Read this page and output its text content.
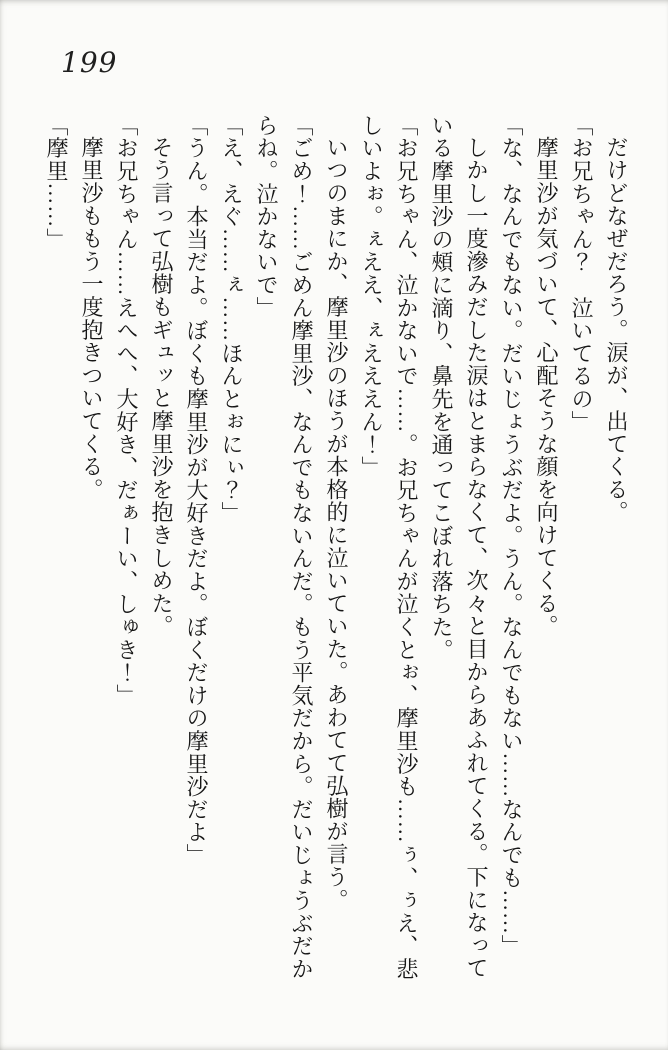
199

だけどなぜだろう。涙が、出てくる。

「お兄ちゃん？　泣いてるの」

摩里沙が気づいて、心配そうな顔を向けてくる。

「な、なんでもない。だいじょうぶだよ。うん。なんでもない……なんでも……」

しかし一度滲みだした涙はとまらなくて、次々と目からあふれてくる。下になっている摩里沙の頰に滴り、鼻先を通ってこぼれ落ちた。

「お兄ちゃん、泣かないで……。お兄ちゃんが泣くとぉ、摩里沙も……ぅ、ぅえ、悲しいよぉ。ぇええ、ぇえええん！」

いつのまにか、摩里沙のほうが本格的に泣いていた。あわてて弘樹が言う。

「ごめ！……ごめん摩里沙、なんでもないんだ。もう平気だから。だいじょうぶだからね。泣かないで」

「え、えぐ……ぇ……ほんとぉにぃ？」

「うん。本当だよ。ぼくも摩里沙が大好きだよ。ぼくだけの摩里沙だよ」

そう言って弘樹もギュッと摩里沙を抱きしめた。

「お兄ちゃん……えへへ、大好き、だぁーい、しゅき！」

摩里沙ももう一度抱きついてくる。

「摩里……」
